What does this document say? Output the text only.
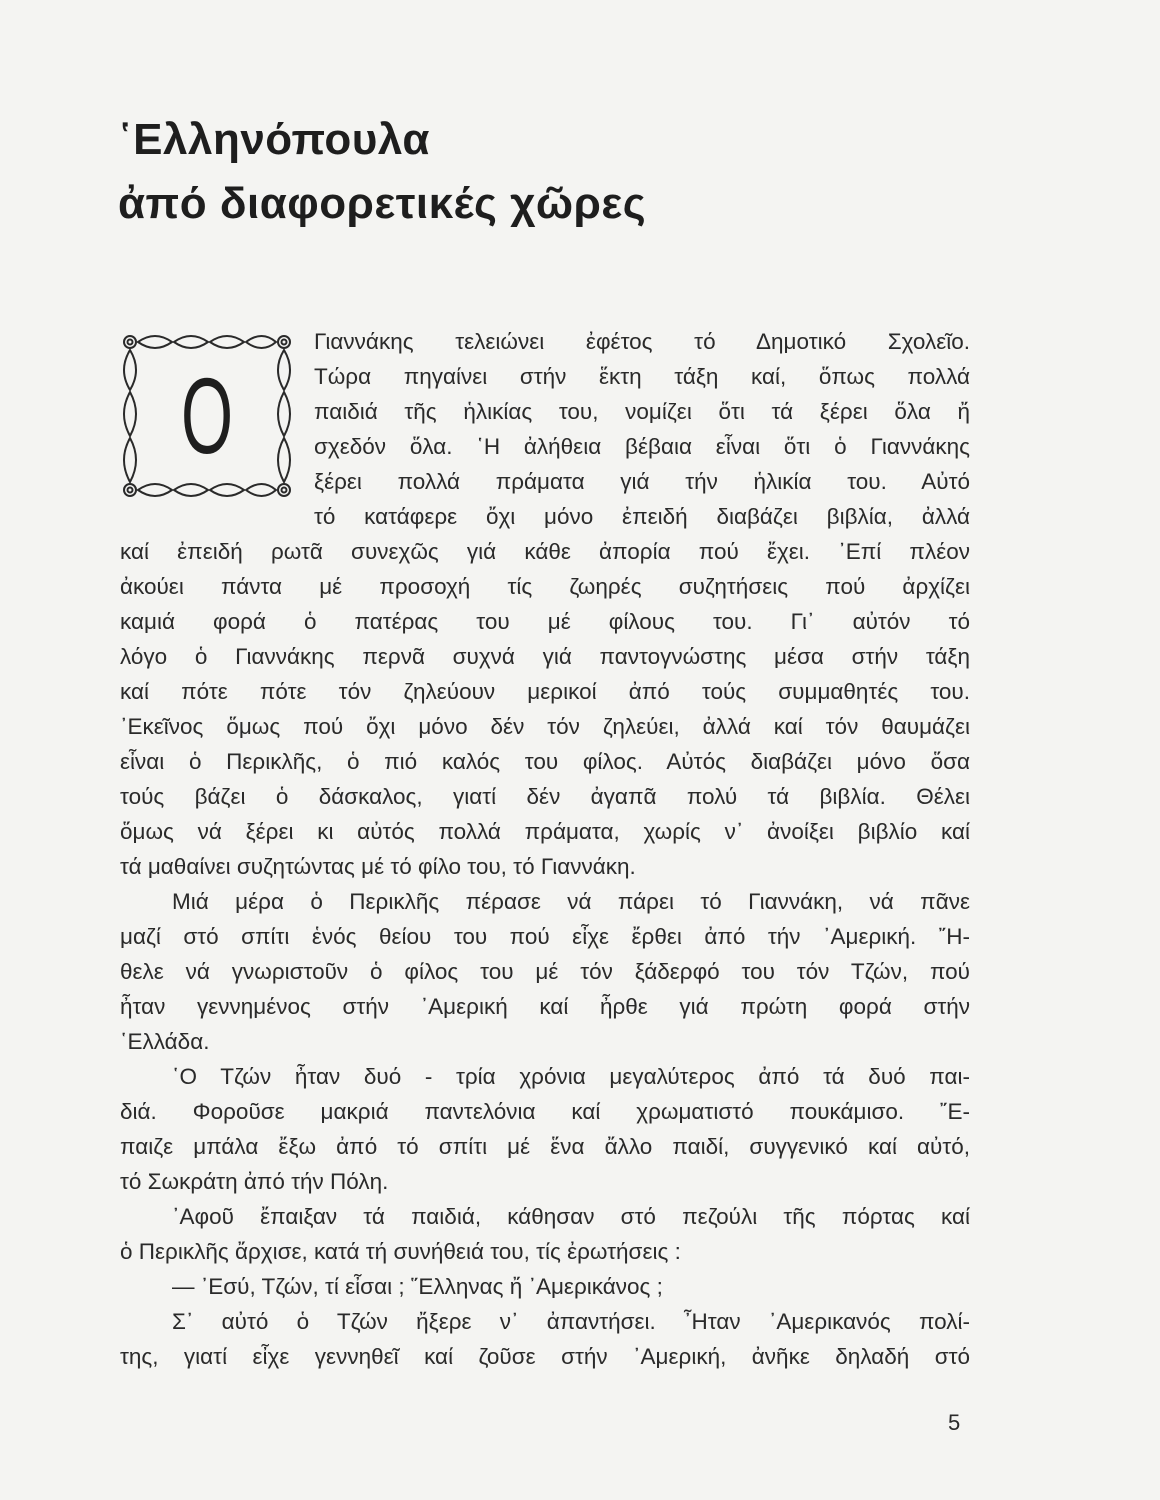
῾Ελληνόπουλα
ἀπό διαφορετικές χῶρες
O
Γιαννάκης τελειώνει ἐφέτος τό Δημοτικό Σχολεῖο.
Τώρα πηγαίνει στήν ἕκτη τάξη καί, ὅπως πολλά
παιδιά τῆς ἡλικίας του, νομίζει ὅτι τά ξέρει ὅλα ἤ
σχεδόν ὅλα. ῾Η ἀλήθεια βέβαια εἶναι ὅτι ὁ Γιαννάκης
ξέρει πολλά πράματα γιά τήν ἡλικία του. Αὐτό
τό κατάφερε ὄχι μόνο ἐπειδή διαβάζει βιβλία, ἀλλά
καί ἐπειδή ρωτᾶ συνεχῶς γιά κάθε ἀπορία πού ἔχει. ᾿Επί πλέον
ἀκούει πάντα μέ προσοχή τίς ζωηρές συζητήσεις πού ἀρχίζει
καμιά φορά ὁ πατέρας του μέ φίλους του. Γι᾿ αὐτόν τό
λόγο ὁ Γιαννάκης περνᾶ συχνά γιά παντογνώστης μέσα στήν τάξη
καί πότε πότε τόν ζηλεύουν μερικοί ἀπό τούς συμμαθητές του.
᾿Εκεῖνος ὅμως πού ὄχι μόνο δέν τόν ζηλεύει, ἀλλά καί τόν θαυμάζει
εἶναι ὁ Περικλῆς, ὁ πιό καλός του φίλος. Αὐτός διαβάζει μόνο ὅσα
τούς βάζει ὁ δάσκαλος, γιατί δέν ἀγαπᾶ πολύ τά βιβλία. Θέλει
ὅμως νά ξέρει κι αὐτός πολλά πράματα, χωρίς ν᾿ ἀνοίξει βιβλίο καί
τά μαθαίνει συζητώντας μέ τό φίλο του, τό Γιαννάκη.
Μιά μέρα ὁ Περικλῆς πέρασε νά πάρει τό Γιαννάκη, νά πᾶνε
μαζί στό σπίτι ἑνός θείου του πού εἶχε ἔρθει ἀπό τήν ᾿Αμερική. ῎Η-
θελε νά γνωριστοῦν ὁ φίλος του μέ τόν ξάδερφό του τόν Τζών, πού
ἦταν γεννημένος στήν ᾿Αμερική καί ἦρθε γιά πρώτη φορά στήν
῾Ελλάδα.
῾Ο Τζών ἦταν δυό - τρία χρόνια μεγαλύτερος ἀπό τά δυό παι-
διά. Φοροῦσε μακριά παντελόνια καί χρωματιστό πουκάμισο. ῎Ε-
παιζε μπάλα ἔξω ἀπό τό σπίτι μέ ἕνα ἄλλο παιδί, συγγενικό καί αὐτό,
τό Σωκράτη ἀπό τήν Πόλη.
᾿Αφοῦ ἔπαιξαν τά παιδιά, κάθησαν στό πεζούλι τῆς πόρτας καί
ὁ Περικλῆς ἄρχισε, κατά τή συνήθειά του, τίς ἐρωτήσεις :
— ᾿Εσύ, Τζών, τί εἶσαι ; ῞Ελληνας ἤ ᾿Αμερικάνος ;
Σ᾿ αὐτό ὁ Τζών ἤξερε ν᾿ ἀπαντήσει. ῏Ηταν ᾿Αμερικανός πολί-
της, γιατί εἶχε γεννηθεῖ καί ζοῦσε στήν ᾿Αμερική, ἀνῆκε δηλαδή στό
5
